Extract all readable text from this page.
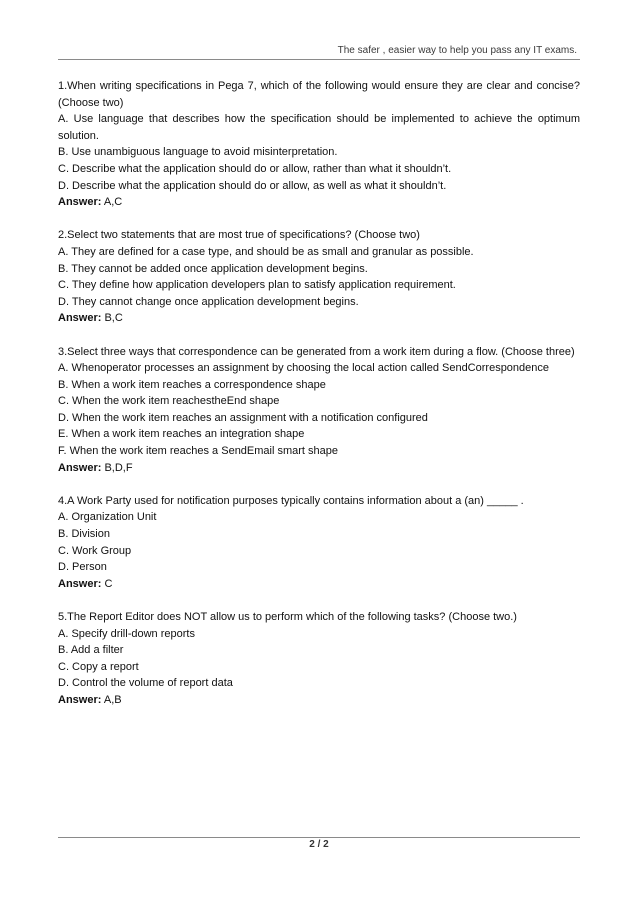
The safer , easier way to help you pass any IT exams.

1.When writing specifications in Pega 7, which of the following would ensure they are clear and concise? (Choose two)

A. Use language that describes how the specification should be implemented to achieve the optimum solution.

B. Use unambiguous language to avoid misinterpretation.

C. Describe what the application should do or allow, rather than what it shouldn’t.

D. Describe what the application should do or allow, as well as what it shouldn’t.

Answer: A,C

2.Select two statements that are most true of specifications? (Choose two)

A. They are defined for a case type, and should be as small and granular as possible.

B. They cannot be added once application development begins.

C. They define how application developers plan to satisfy application requirement.

D. They cannot change once application development begins.

Answer: B,C

3.Select three ways that correspondence can be generated from a work item during a flow. (Choose three)

A. Whenoperator processes an assignment by choosing the local action called SendCorrespondence

B. When a work item reaches a correspondence shape

C. When the work item reachestheEnd shape

D. When the work item reaches an assignment with a notification configured

E. When a work item reaches an integration shape

F. When the work item reaches a SendEmail smart shape

Answer: B,D,F

4.A Work Party used for notification purposes typically contains information about a (an) _____ .

A. Organization Unit

B. Division

C. Work Group

D. Person

Answer: C

5.The Report Editor does NOT allow us to perform which of the following tasks? (Choose two.)

A. Specify drill-down reports

B. Add a filter

C. Copy a report

D. Control the volume of report data

Answer: A,B

2 / 2
